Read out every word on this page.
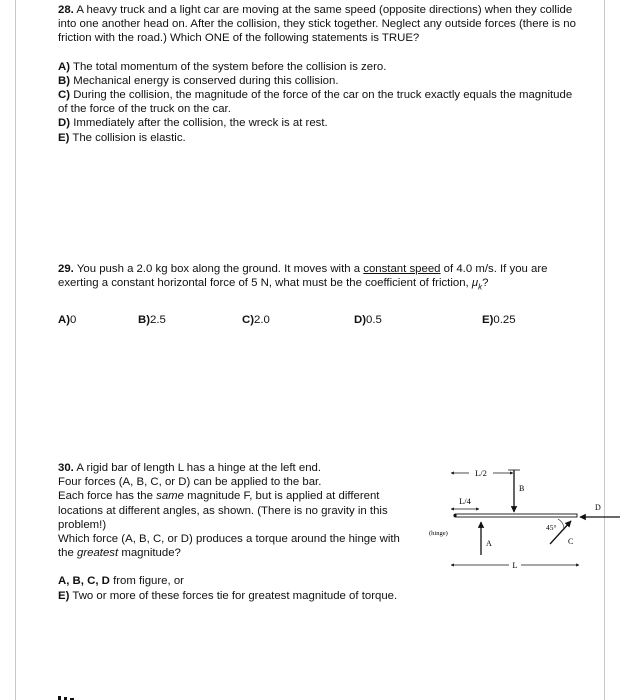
28. A heavy truck and a light car are moving at the same speed (opposite directions) when they collide into one another head on. After the collision, they stick together. Neglect any outside forces (there is no friction with the road.) Which ONE of the following statements is TRUE?

A) The total momentum of the system before the collision is zero.

B) Mechanical energy is conserved during this collision.

C) During the collision, the magnitude of the force of the car on the truck exactly equals the magnitude of the force of the truck on the car.

D) Immediately after the collision, the wreck is at rest.

E) The collision is elastic.

29. You push a 2.0 kg box along the ground. It moves with a constant speed of 4.0 m/s. If you are exerting a constant horizontal force of 5 N, what must be the coefficient of friction, $\mu_k$?

A) 0	B) 2.5	C) 2.0	D) 0.5	E) 0.25

30. A rigid bar of length L has a hinge at the left end.

Four forces (A, B, C, or D) can be applied to the bar.

Each force has the same magnitude F, but is applied at different locations at different angles, as shown. (There is no gravity in this problem!)

Which force (A, B, C, or D) produces a torque around the hinge with the greatest magnitude?

A, B, C, D from figure, or

E) Two or more of these forces tie for greatest magnitude of torque.

L/2
L/4
(hinge)
A
B
45°
C
D
L
